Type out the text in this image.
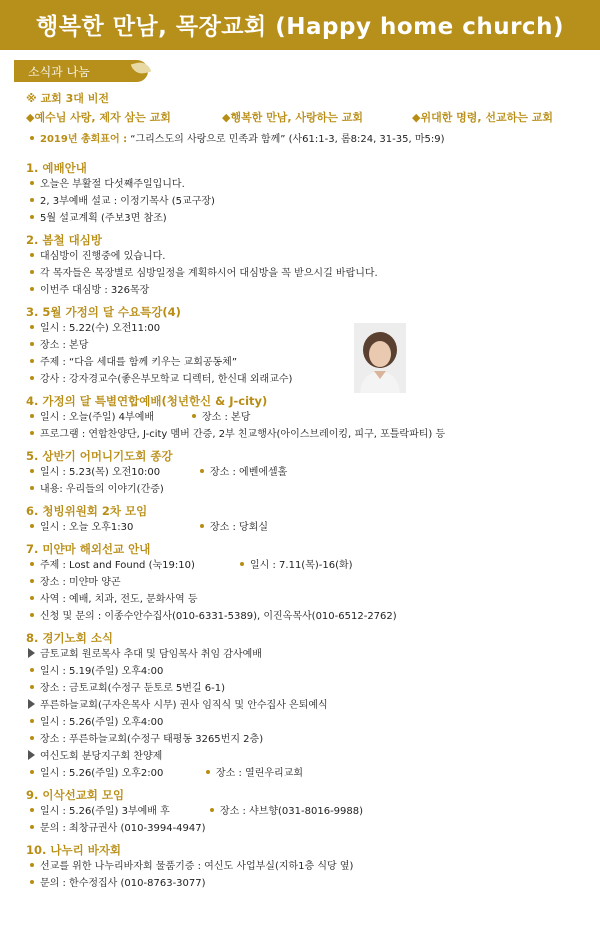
행복한 만남, 목장교회 (Happy home church)
소식과 나눔
※ 교회 3대 비전
◆예수님 사랑, 제자 삼는 교회	◆행복한 만남, 사랑하는 교회	◆위대한 명령, 선교하는 교회
2019년 총회표어 : “그리스도의 사랑으로 민족과 함께” (사61:1-3, 롬8:24, 31-35, 마5:9)
1. 예배안내
오늘은 부활절 다섯째주일입니다.
2, 3부예배 설교 : 이정기목사 (5교구장)
5월 설교계획 (주보3면 참조)
2. 봄철 대심방
대심방이 진행중에 있습니다.
각 목자들은 목장별로 심방일정을 계획하시어 대심방을 꼭 받으시길 바랍니다.
이번주 대심방 : 326목장
3. 5월 가정의 달 수요특강(4)
일시 : 5.22(수) 오전11:00
장소 : 본당
주제 : “다음 세대를 함께 키우는 교회공동체”
강사 : 강자경교수(좋은부모학교 디렉터, 한신대 외래교수)
4. 가정의 달 특별연합예배(청년한신 & J-city)
일시 : 오늘(주일) 4부예배	장소 : 본당
프로그램 : 연합찬양단, J-city 멤버 간증, 2부 친교행사(아이스브레이킹, 피구, 포틀락파티) 등
5. 상반기 어머니기도회 종강
일시 : 5.23(목) 오전10:00	장소 : 에벤에셀홀
내용: 우리들의 이야기(간증)
6. 청빙위원회 2차 모임
일시 : 오늘 오후1:30	장소 : 당회실
7. 미얀마 해외선교 안내
주제 : Lost and Found (눅19:10)	일시 : 7.11(목)-16(화)
장소 : 미얀마 양곤
사역 : 예배, 치과, 전도, 문화사역 등
신청 및 문의 : 이종수안수집사(010-6331-5389), 이진옥목사(010-6512-2762)
8. 경기노회 소식
금토교회 원로목사 추대 및 담임목사 취임 감사예배
일시 : 5.19(주일) 오후4:00
장소 : 금토교회(수정구 둔토로 5번길 6-1)
푸른하늘교회(구자은목사 시무) 권사 임직식 및 안수집사 은퇴예식
일시 : 5.26(주일) 오후4:00
장소 : 푸른하늘교회(수정구 태평동 3265번지 2층)
여신도회 분당지구회 찬양제
일시 : 5.26(주일) 오후2:00	장소 : 열린우리교회
9. 이삭선교회 모임
일시 : 5.26(주일) 3부예배 후	장소 : 샤브향(031-8016-9988)
문의 : 최창규권사 (010-3994-4947)
10. 나누리 바자회
선교를 위한 나누리바자회 물품기증 : 여신도 사업부실(지하1층 식당 옆)
문의 : 한수정집사 (010-8763-3077)
